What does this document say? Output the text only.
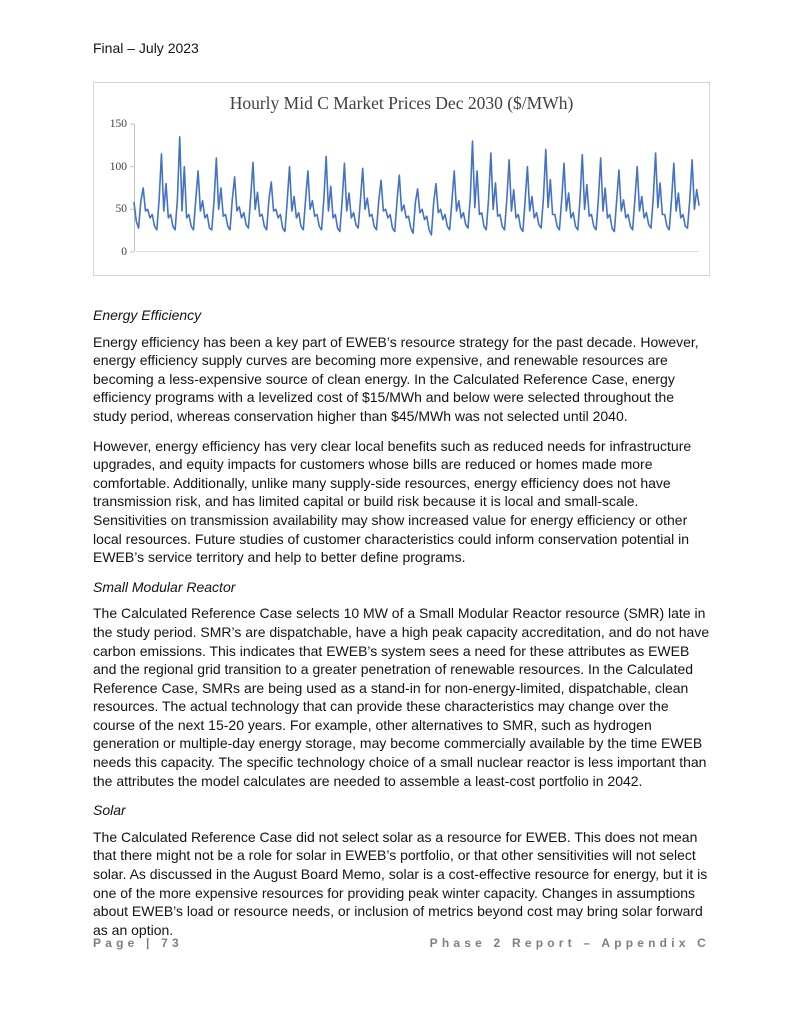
Final – July 2023
Hourly Mid C Market Prices Dec 2030 ($/MWh)
0
50
100
150
Energy Efficiency

Energy efficiency has been a key part of EWEB’s resource strategy for the past decade. However, energy efficiency supply curves are becoming more expensive, and renewable resources are becoming a less-expensive source of clean energy. In the Calculated Reference Case, energy efficiency programs with a levelized cost of $15/MWh and below were selected throughout the study period, whereas conservation higher than $45/MWh was not selected until 2040.

However, energy efficiency has very clear local benefits such as reduced needs for infrastructure upgrades, and equity impacts for customers whose bills are reduced or homes made more comfortable. Additionally, unlike many supply-side resources, energy efficiency does not have transmission risk, and has limited capital or build risk because it is local and small-scale. Sensitivities on transmission availability may show increased value for energy efficiency or other local resources. Future studies of customer characteristics could inform conservation potential in EWEB’s service territory and help to better define programs.

Small Modular Reactor

The Calculated Reference Case selects 10 MW of a Small Modular Reactor resource (SMR) late in the study period. SMR’s are dispatchable, have a high peak capacity accreditation, and do not have carbon emissions. This indicates that EWEB’s system sees a need for these attributes as EWEB and the regional grid transition to a greater penetration of renewable resources. In the Calculated Reference Case, SMRs are being used as a stand-in for non-energy-limited, dispatchable, clean resources. The actual technology that can provide these characteristics may change over the course of the next 15-20 years. For example, other alternatives to SMR, such as hydrogen generation or multiple-day energy storage, may become commercially available by the time EWEB needs this capacity. The specific technology choice of a small nuclear reactor is less important than the attributes the model calculates are needed to assemble a least-cost portfolio in 2042.

Solar

The Calculated Reference Case did not select solar as a resource for EWEB. This does not mean that there might not be a role for solar in EWEB’s portfolio, or that other sensitivities will not select solar. As discussed in the August Board Memo, solar is a cost-effective resource for energy, but it is one of the more expensive resources for providing peak winter capacity. Changes in assumptions about EWEB’s load or resource needs, or inclusion of metrics beyond cost may bring solar forward as an option.

Page | 73	Phase 2 Report – Appendix C
